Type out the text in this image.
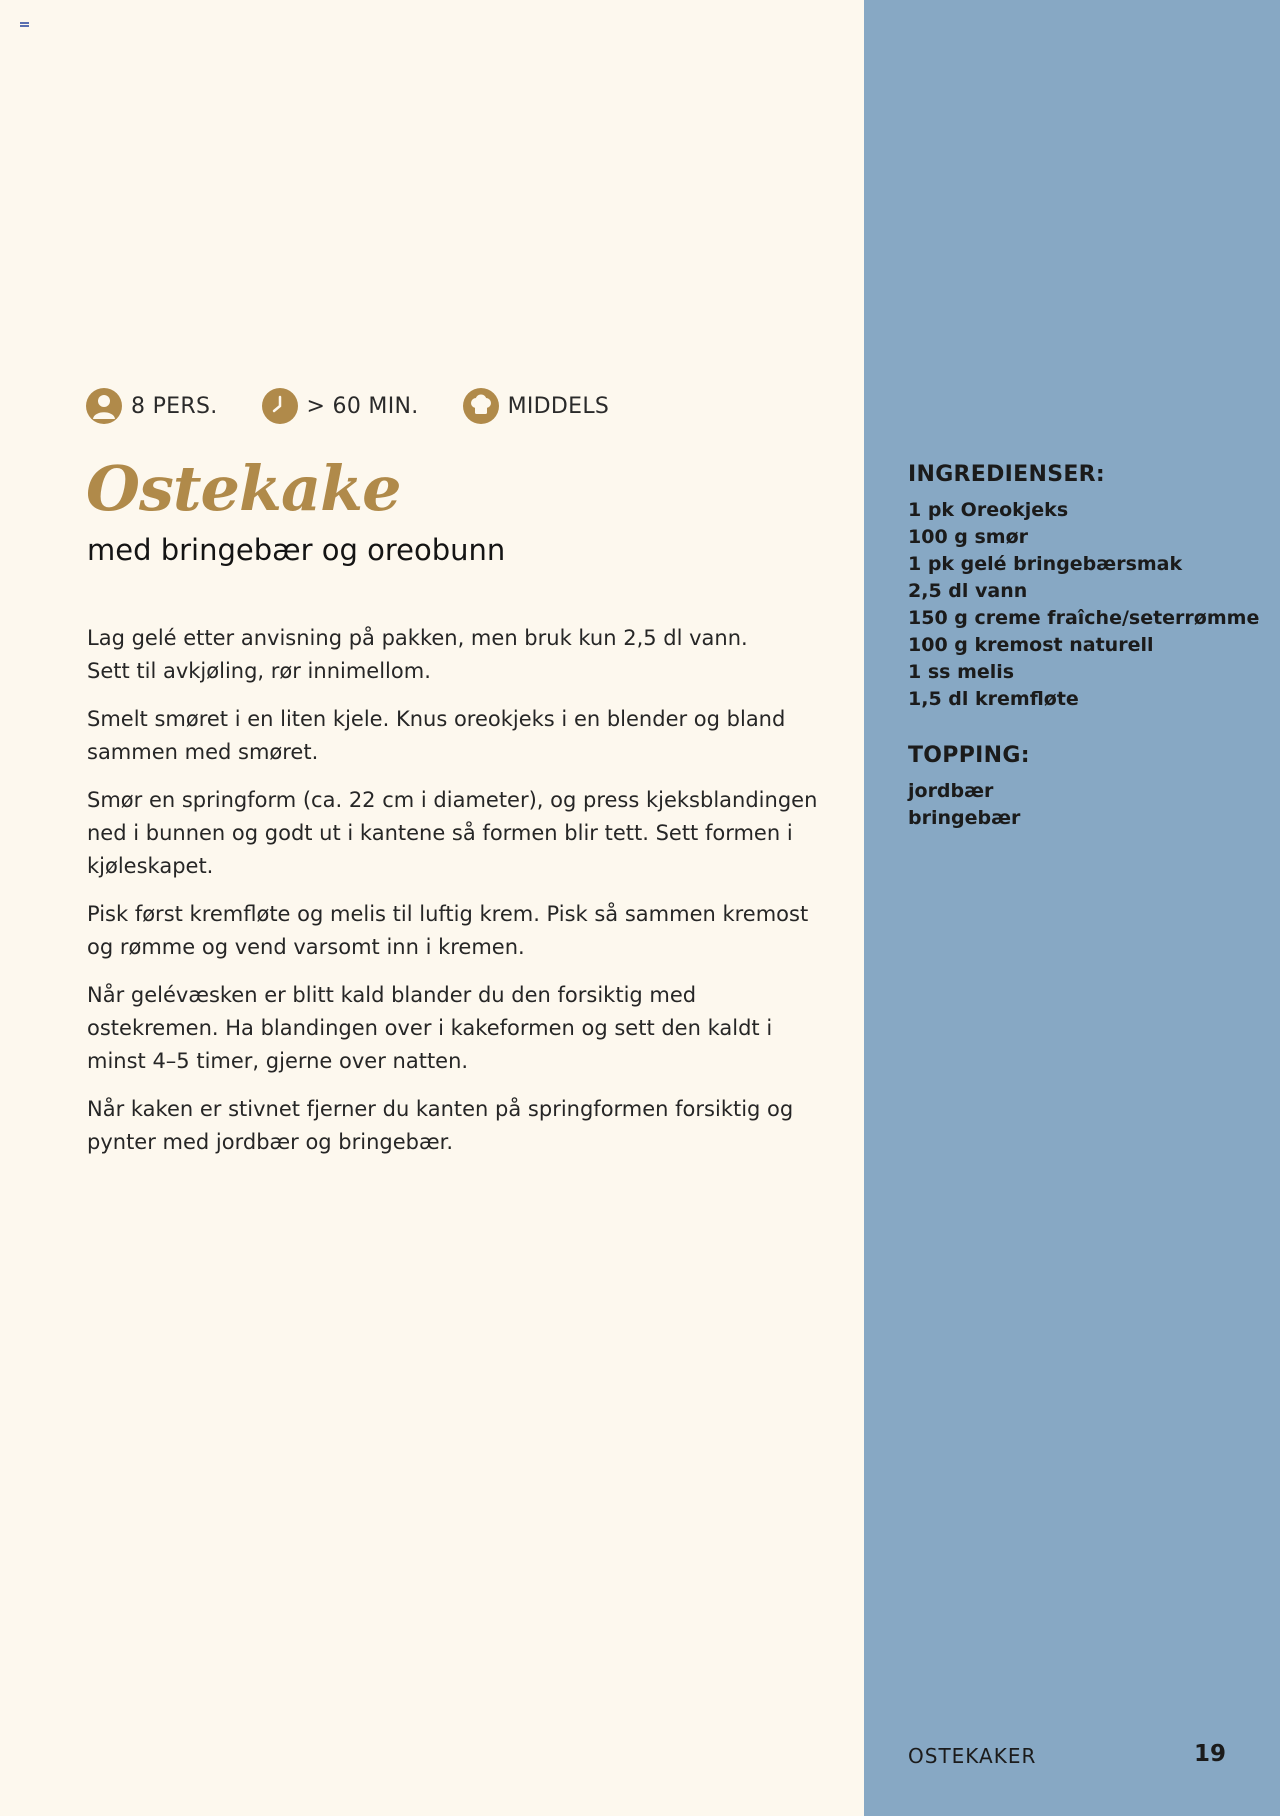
8 PERS.	> 60 MIN.	MIDDELS
Ostekake
med bringebær og oreobunn

Lag gelé etter anvisning på pakken, men bruk kun 2,5 dl vann.
Sett til avkjøling, rør innimellom.

Smelt smøret i en liten kjele. Knus oreokjeks i en blender og bland
sammen med smøret.

Smør en springform (ca. 22 cm i diameter), og press kjeksblandingen
ned i bunnen og godt ut i kantene så formen blir tett. Sett formen i
kjøleskapet.

Pisk først kremfløte og melis til luftig krem. Pisk så sammen kremost
og rømme og vend varsomt inn i kremen.

Når gelévæsken er blitt kald blander du den forsiktig med
ostekremen. Ha blandingen over i kakeformen og sett den kaldt i
minst 4–5 timer, gjerne over natten.

Når kaken er stivnet fjerner du kanten på springformen forsiktig og
pynter med jordbær og bringebær.

INGREDIENSER:
1 pk Oreokjeks
100 g smør
1 pk gelé bringebærsmak
2,5 dl vann
150 g creme fraîche/seterrømme
100 g kremost naturell
1 ss melis
1,5 dl kremfløte
TOPPING:
jordbær
bringebær
OSTEKAKER	19
